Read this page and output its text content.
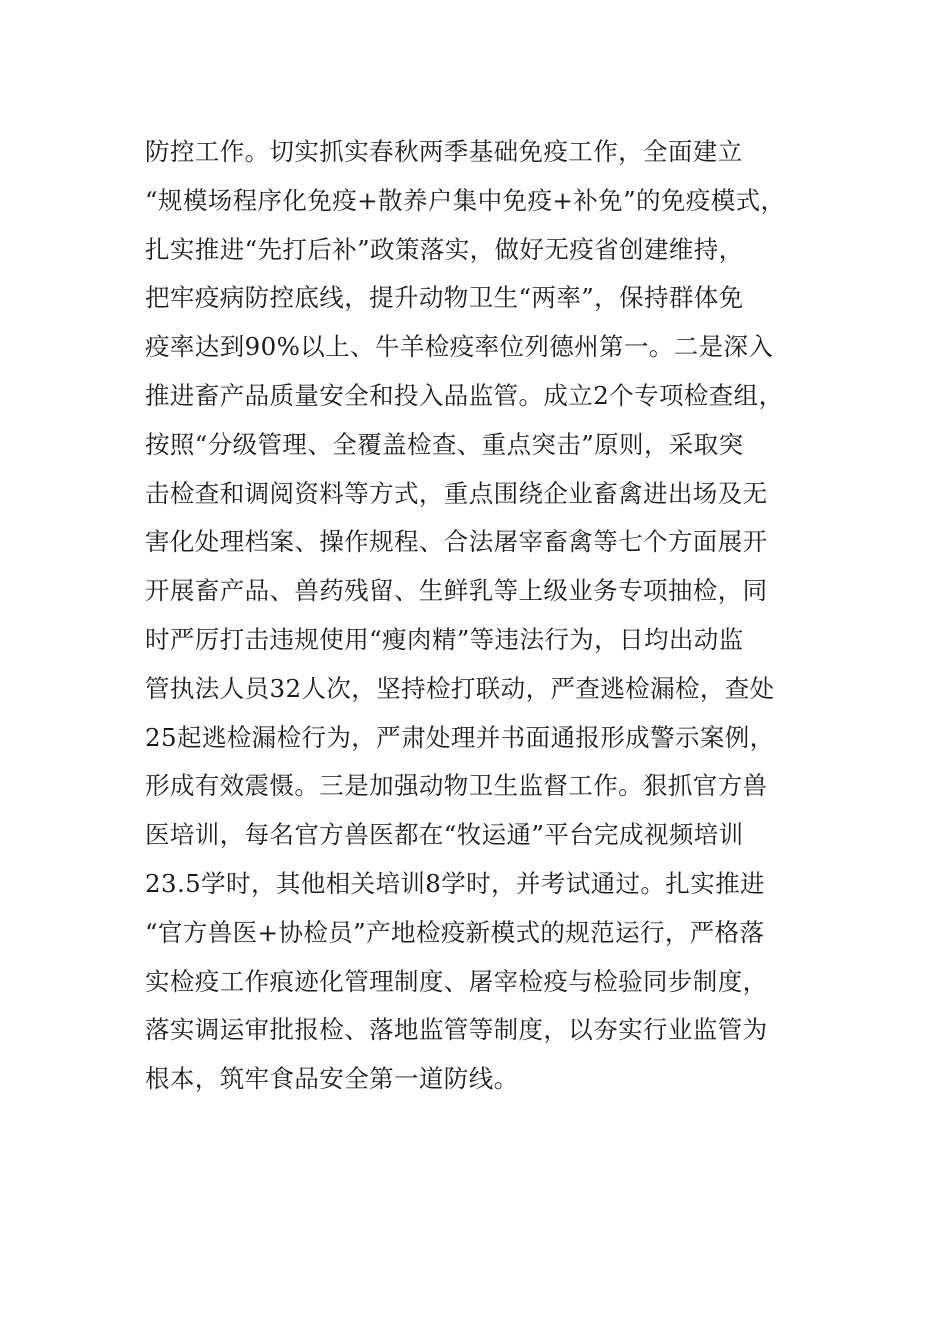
防控工作。切实抓实春秋两季基础免疫工作，全面建立
“规模场程序化免疫+散养户集中免疫+补免”的免疫模式，
扎实推进“先打后补”政策落实，做好无疫省创建维持，
把牢疫病防控底线，提升动物卫生“两率”，保持群体免
疫率达到90%以上、牛羊检疫率位列德州第一。二是深入
推进畜产品质量安全和投入品监管。成立2个专项检查组，
按照“分级管理、全覆盖检查、重点突击”原则，采取突
击检查和调阅资料等方式，重点围绕企业畜禽进出场及无
害化处理档案、操作规程、合法屠宰畜禽等七个方面展开
开展畜产品、兽药残留、生鲜乳等上级业务专项抽检，同
时严厉打击违规使用“瘦肉精”等违法行为，日均出动监
管执法人员32人次，坚持检打联动，严查逃检漏检，查处
25起逃检漏检行为，严肃处理并书面通报形成警示案例，
形成有效震慑。三是加强动物卫生监督工作。狠抓官方兽
医培训，每名官方兽医都在“牧运通”平台完成视频培训
23.5学时，其他相关培训8学时，并考试通过。扎实推进
“官方兽医+协检员”产地检疫新模式的规范运行，严格落
实检疫工作痕迹化管理制度、屠宰检疫与检验同步制度，
落实调运审批报检、落地监管等制度，以夯实行业监管为
根本，筑牢食品安全第一道防线。
